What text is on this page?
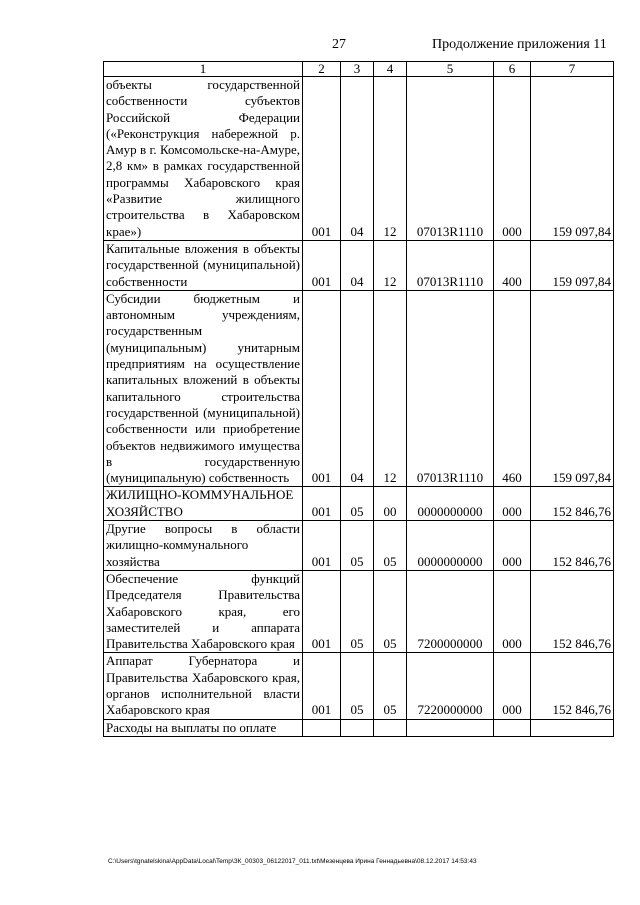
27	Продолжение приложения 11
1	2	3	4	5	6	7
объекты государственной собственности субъектов Российской Федерации («Реконструкция набережной р. Амур в г. Комсомольске-на-Амуре, 2,8 км» в рамках государственной программы Хабаровского края «Развитие жилищного строительства в Хабаровском крае»)	001	04	12	07013R1110	000	159 097,84
Капитальные вложения в объекты государственной (муниципальной) собственности	001	04	12	07013R1110	400	159 097,84
Субсидии бюджетным и автономным учреждениям, государственным (муниципальным) унитарным предприятиям на осуществление капитальных вложений в объекты капитального строительства государственной (муниципальной) собственности или приобретение объектов недвижимого имущества в государственную (муниципальную) собственность	001	04	12	07013R1110	460	159 097,84
ЖИЛИЩНО-КОММУНАЛЬНОЕ ХОЗЯЙСТВО	001	05	00	0000000000	000	152 846,76
Другие вопросы в области жилищно-коммунального хозяйства	001	05	05	0000000000	000	152 846,76
Обеспечение функций Председателя Правительства Хабаровского края, его заместителей и аппарата Правительства Хабаровского края	001	05	05	7200000000	000	152 846,76
Аппарат Губернатора и Правительства Хабаровского края, органов исполнительной власти Хабаровского края	001	05	05	7220000000	000	152 846,76
Расходы на выплаты по оплате						
C:\Users\tgnatelskina\AppData\Local\Temp\ЗК_00303_06122017_011.txt\Мезенцева Ирина Геннадьевна\08.12.2017 14:53:43
